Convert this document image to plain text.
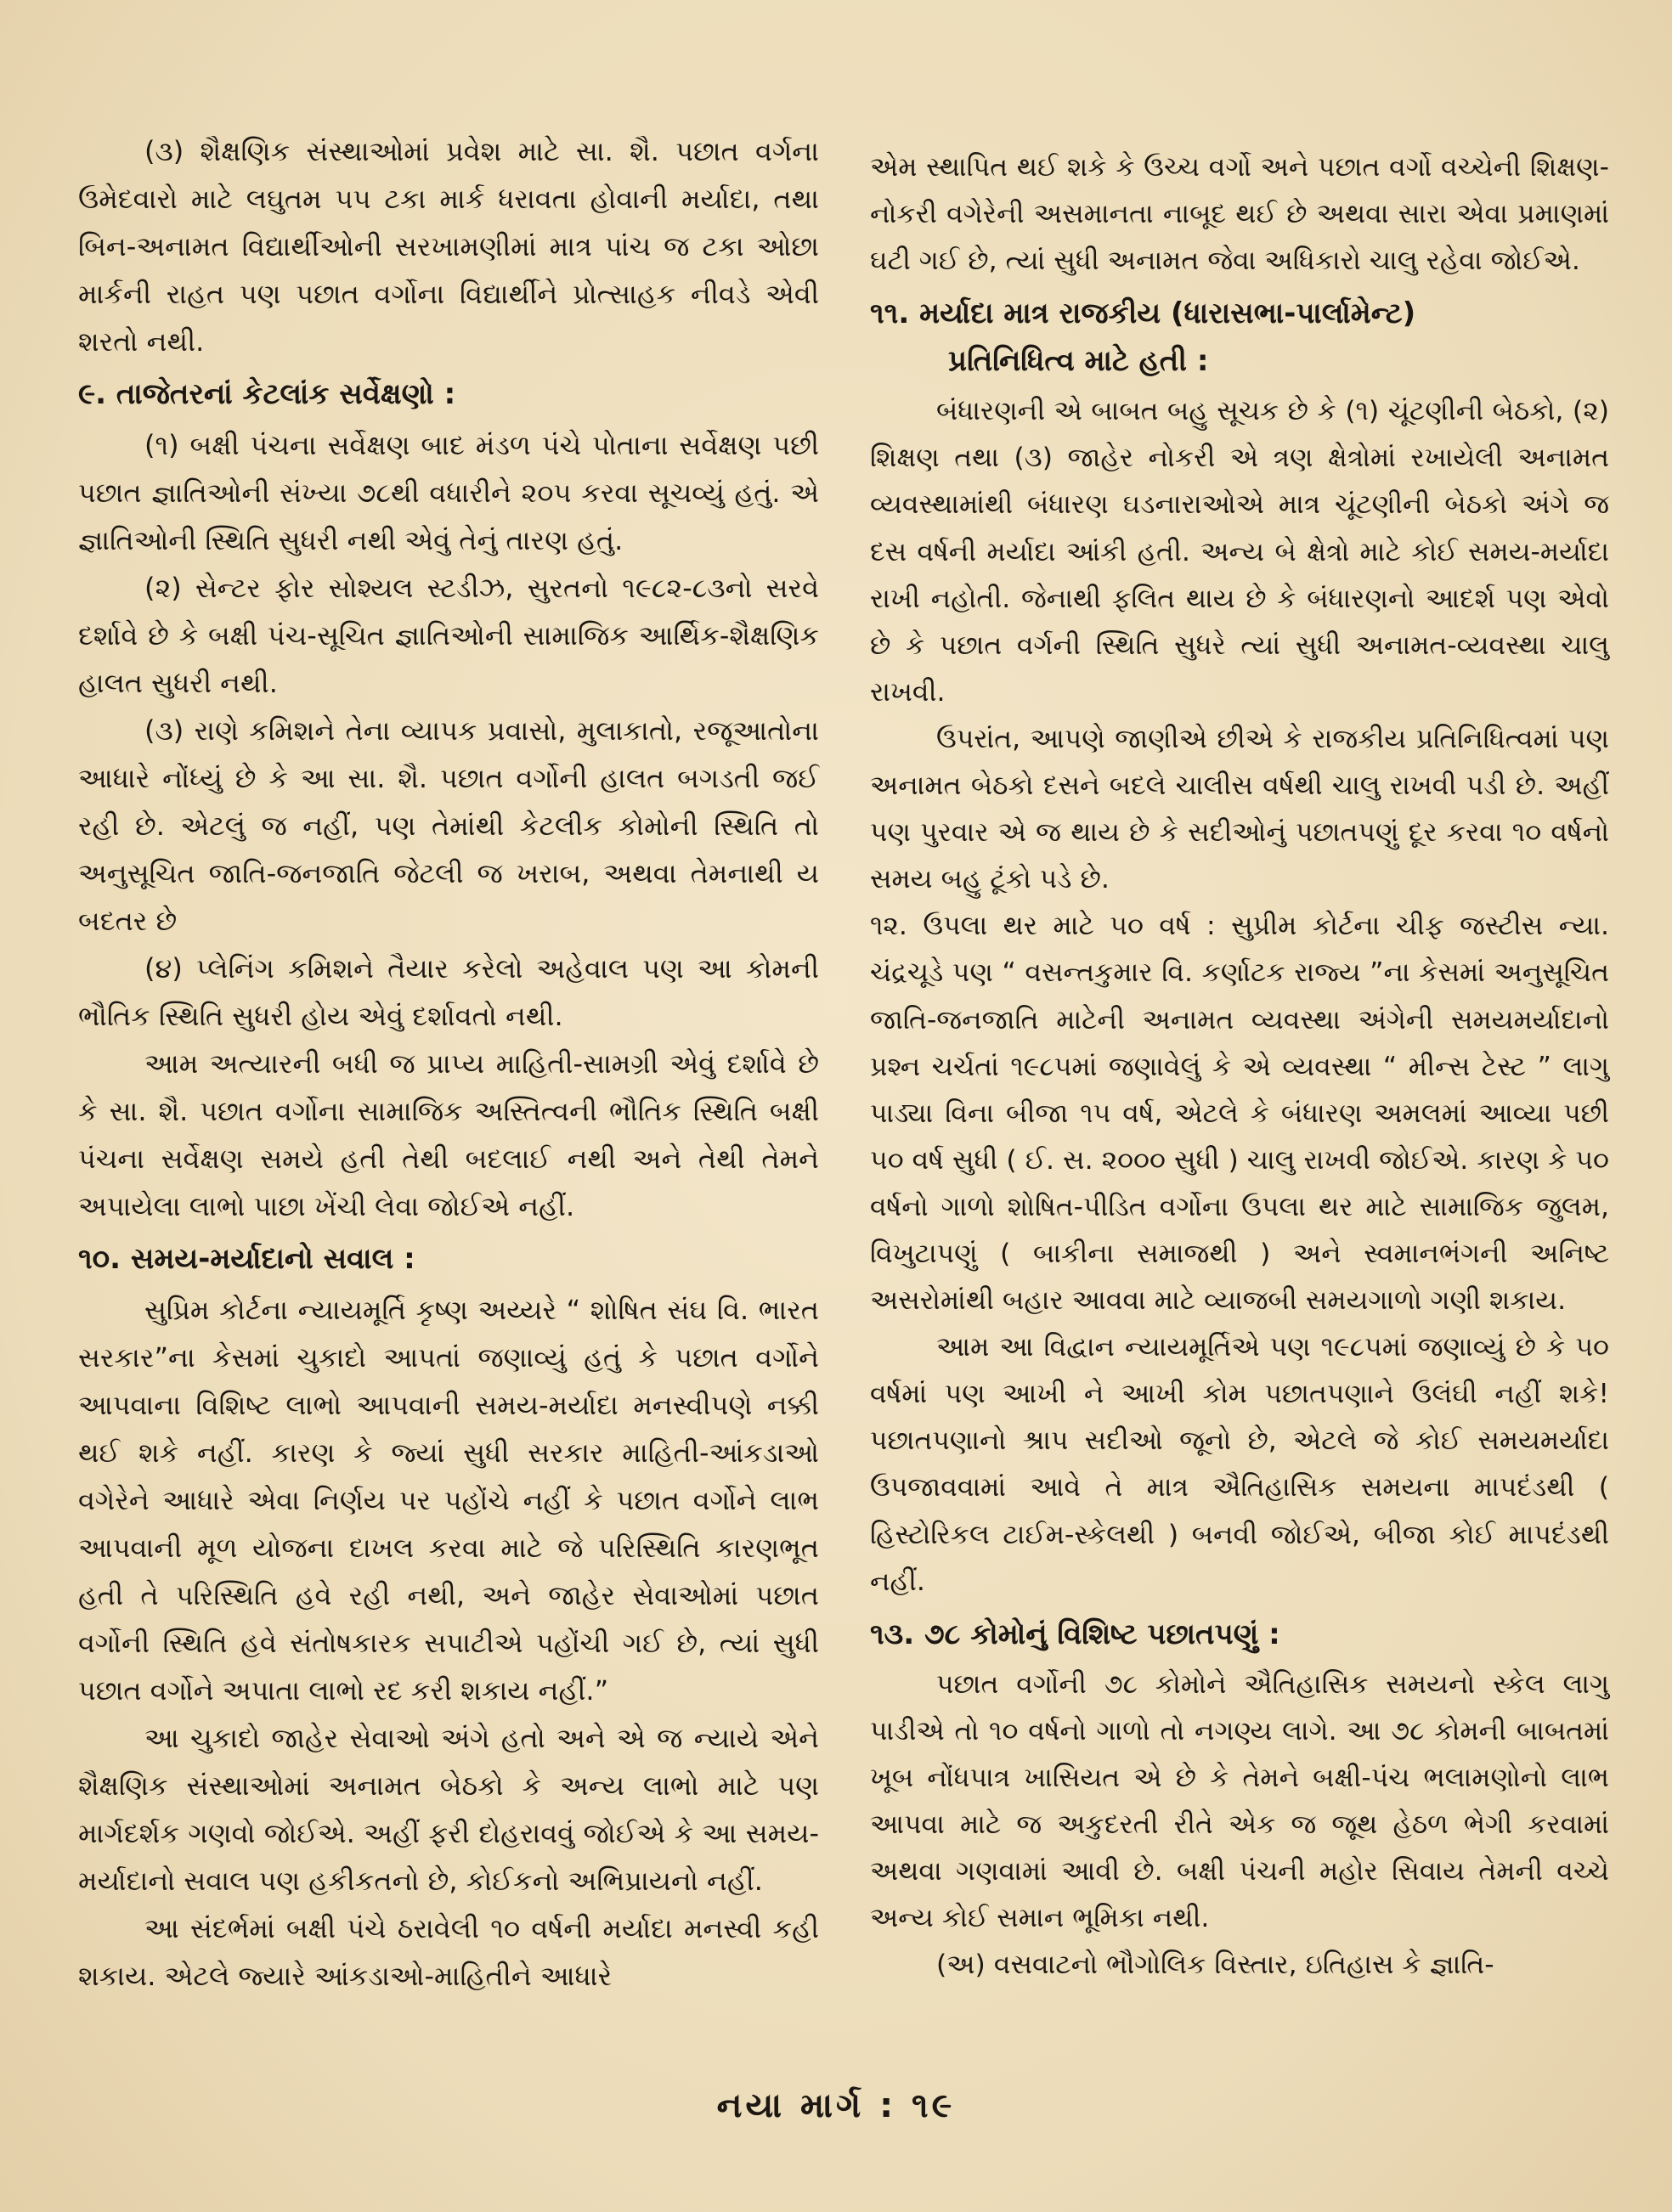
(૩) શૈક્ષણિક સંસ્થાઓમાં પ્રવેશ માટે સા. શૈ. પછાત વર્ગના ઉમેદવારો માટે લઘુતમ ૫૫ ટકા માર્ક ધરાવતા હોવાની મર્યાદા, તથા બિન-અનામત વિદ્યાર્થીઓની સરખામણીમાં માત્ર પાંચ જ ટકા ઓછા માર્કની રાહત પણ પછાત વર્ગોના વિદ્યાર્થીને પ્રોત્સાહક નીવડે એવી શરતો નથી.

૯. તાજેતરનાં કેટલાંક સર્વેક્ષણો :

(૧) બક્ષી પંચના સર્વેક્ષણ બાદ મંડળ પંચે પોતાના સર્વેક્ષણ પછી પછાત જ્ઞાતિઓની સંખ્યા ૭૮થી વધારીને ૨૦૫ કરવા સૂચવ્યું હતું. એ જ્ઞાતિઓની સ્થિતિ સુધરી નથી એવું તેનું તારણ હતું.

(૨) સેન્ટર ફોર સોશ્યલ સ્ટડીઝ, સુરતનો ૧૯૮૨-૮૩નો સરવે દર્શાવે છે કે બક્ષી પંચ-સૂચિત જ્ઞાતિઓની સામાજિક આર્થિક-શૈક્ષણિક હાલત સુધરી નથી.

(૩) રાણે કમિશને તેના વ્યાપક પ્રવાસો, મુલાકાતો, રજૂઆતોના આધારે નોંધ્યું છે કે આ સા. શૈ. પછાત વર્ગોની હાલત બગડતી જઈ રહી છે. એટલું જ નહીં, પણ તેમાંથી કેટલીક કોમોની સ્થિતિ તો અનુસૂચિત જાતિ-જનજાતિ જેટલી જ ખરાબ, અથવા તેમનાથી ય બદતર છે

(૪) પ્લેનિંગ કમિશને તૈયાર કરેલો અહેવાલ પણ આ કોમની ભૌતિક સ્થિતિ સુધરી હોય એવું દર્શાવતો નથી.

આમ અત્યારની બધી જ પ્રાપ્ય માહિતી-સામગ્રી એવું દર્શાવે છે કે સા. શૈ. પછાત વર્ગોના સામાજિક અસ્તિત્વની ભૌતિક સ્થિતિ બક્ષી પંચના સર્વેક્ષણ સમયે હતી તેથી બદલાઈ નથી અને તેથી તેમને અપાયેલા લાભો પાછા ખેંચી લેવા જોઈએ નહીં.

૧૦. સમય-મર્યાદાનો સવાલ :

સુપ્રિમ કોર્ટના ન્યાયમૂર્તિ કૃષ્ણ અય્યરે “ શોષિત સંઘ વિ. ભારત સરકાર”ના કેસમાં ચુકાદો આપતાં જણાવ્યું હતું કે પછાત વર્ગોને આપવાના વિશિષ્ટ લાભો આપવાની સમય-મર્યાદા મનસ્વીપણે નક્કી થઈ શકે નહીં. કારણ કે જ્યાં સુધી સરકાર માહિતી-આંકડાઓ વગેરેને આધારે એવા નિર્ણય પર પહોંચે નહીં કે પછાત વર્ગોને લાભ આપવાની મૂળ યોજના દાખલ કરવા માટે જે પરિસ્થિતિ કારણભૂત હતી તે પરિસ્થિતિ હવે રહી નથી, અને જાહેર સેવાઓમાં પછાત વર્ગોની સ્થિતિ હવે સંતોષકારક સપાટીએ પહોંચી ગઈ છે, ત્યાં સુધી પછાત વર્ગોને અપાતા લાભો રદ કરી શકાય નહીં.”

આ ચુકાદો જાહેર સેવાઓ અંગે હતો અને એ જ ન્યાયે એને શૈક્ષણિક સંસ્થાઓમાં અનામત બેઠકો કે અન્ય લાભો માટે પણ માર્ગદર્શક ગણવો જોઈએ. અહીં ફરી દોહરાવવું જોઈએ કે આ સમય-મર્યાદાનો સવાલ પણ હકીકતનો છે, કોઈકનો અભિપ્રાયનો નહીં.

આ સંદર્ભમાં બક્ષી પંચે ઠરાવેલી ૧૦ વર્ષની મર્યાદા મનસ્વી કહી શકાય. એટલે જ્યારે આંકડાઓ-માહિતીને આધારે

એમ સ્થાપિત થઈ શકે કે ઉચ્ચ વર્ગો અને પછાત વર્ગો વચ્ચેની શિક્ષણ-નોકરી વગેરેની અસમાનતા નાબૂદ થઈ છે અથવા સારા એવા પ્રમાણમાં ઘટી ગઈ છે, ત્યાં સુધી અનામત જેવા અધિકારો ચાલુ રહેવા જોઈએ.

૧૧. મર્યાદા માત્ર રાજકીય (ધારાસભા-પાર્લામેન્ટ)
પ્રતિનિધિત્વ માટે હતી :

બંધારણની એ બાબત બહુ સૂચક છે કે (૧) ચૂંટણીની બેઠકો, (૨) શિક્ષણ તથા (૩) જાહેર નોકરી એ ત્રણ ક્ષેત્રોમાં રખાયેલી અનામત વ્યવસ્થામાંથી બંધારણ ઘડનારાઓએ માત્ર ચૂંટણીની બેઠકો અંગે જ દસ વર્ષની મર્યાદા આંકી હતી. અન્ય બે ક્ષેત્રો માટે કોઈ સમય-મર્યાદા રાખી નહોતી. જેનાથી ફલિત થાય છે કે બંધારણનો આદર્શ પણ એવો છે કે પછાત વર્ગની સ્થિતિ સુધરે ત્યાં સુધી અનામત-વ્યવસ્થા ચાલુ રાખવી.

ઉપરાંત, આપણે જાણીએ છીએ કે રાજકીય પ્રતિનિધિત્વમાં પણ અનામત બેઠકો દસને બદલે ચાલીસ વર્ષથી ચાલુ રાખવી પડી છે. અહીં પણ પુરવાર એ જ થાય છે કે સદીઓનું પછાતપણું દૂર કરવા ૧૦ વર્ષનો સમય બહુ ટૂંકો પડે છે.

૧૨. ઉપલા થર માટે ૫૦ વર્ષ : સુપ્રીમ કોર્ટના ચીફ જસ્ટીસ ન્યા. ચંદ્રચૂડે પણ “ વસન્તકુમાર વિ. કર્ણાટક રાજ્ય ”ના કેસમાં અનુસૂચિત જાતિ-જનજાતિ માટેની અનામત વ્યવસ્થા અંગેની સમયમર્યાદાનો પ્રશ્ન ચર્ચતાં ૧૯૮૫માં જણાવેલું કે એ વ્યવસ્થા “ મીન્સ ટેસ્ટ ” લાગુ પાડ્યા વિના બીજા ૧૫ વર્ષ, એટલે કે બંધારણ અમલમાં આવ્યા પછી ૫૦ વર્ષ સુધી ( ઈ. સ. ૨૦૦૦ સુધી ) ચાલુ રાખવી જોઈએ. કારણ કે ૫૦ વર્ષનો ગાળો શોષિત-પીડિત વર્ગોના ઉપલા થર માટે સામાજિક જુલમ, વિખુટાપણું ( બાકીના સમાજથી ) અને સ્વમાનભંગની અનિષ્ટ અસરોમાંથી બહાર આવવા માટે વ્યાજબી સમયગાળો ગણી શકાય.

આમ આ વિદ્વાન ન્યાયમૂર્તિએ પણ ૧૯૮૫માં જણાવ્યું છે કે ૫૦ વર્ષમાં પણ આખી ને આખી કોમ પછાતપણાને ઉલંઘી નહીં શકે! પછાતપણાનો શ્રાપ સદીઓ જૂનો છે, એટલે જે કોઈ સમયમર્યાદા ઉપજાવવામાં આવે તે માત્ર ઐતિહાસિક સમયના માપદંડથી ( હિસ્ટોરિકલ ટાઈમ-સ્કેલથી ) બનવી જોઈએ, બીજા કોઈ માપદંડથી નહીં.

૧૩. ૭૮ કોમોનું વિશિષ્ટ પછાતપણું :

પછાત વર્ગોની ૭૮ કોમોને ઐતિહાસિક સમયનો સ્કેલ લાગુ પાડીએ તો ૧૦ વર્ષનો ગાળો તો નગણ્ય લાગે. આ ૭૮ કોમની બાબતમાં ખૂબ નોંધપાત્ર ખાસિયત એ છે કે તેમને બક્ષી-પંચ ભલામણોનો લાભ આપવા માટે જ અકુદરતી રીતે એક જ જૂથ હેઠળ ભેગી કરવામાં અથવા ગણવામાં આવી છે. બક્ષી પંચની મહોર સિવાય તેમની વચ્ચે અન્ય કોઈ સમાન ભૂમિકા નથી.

(અ) વસવાટનો ભૌગોલિક વિસ્તાર, ઇતિહાસ કે જ્ઞાતિ-

નયા માર્ગ : ૧૯
